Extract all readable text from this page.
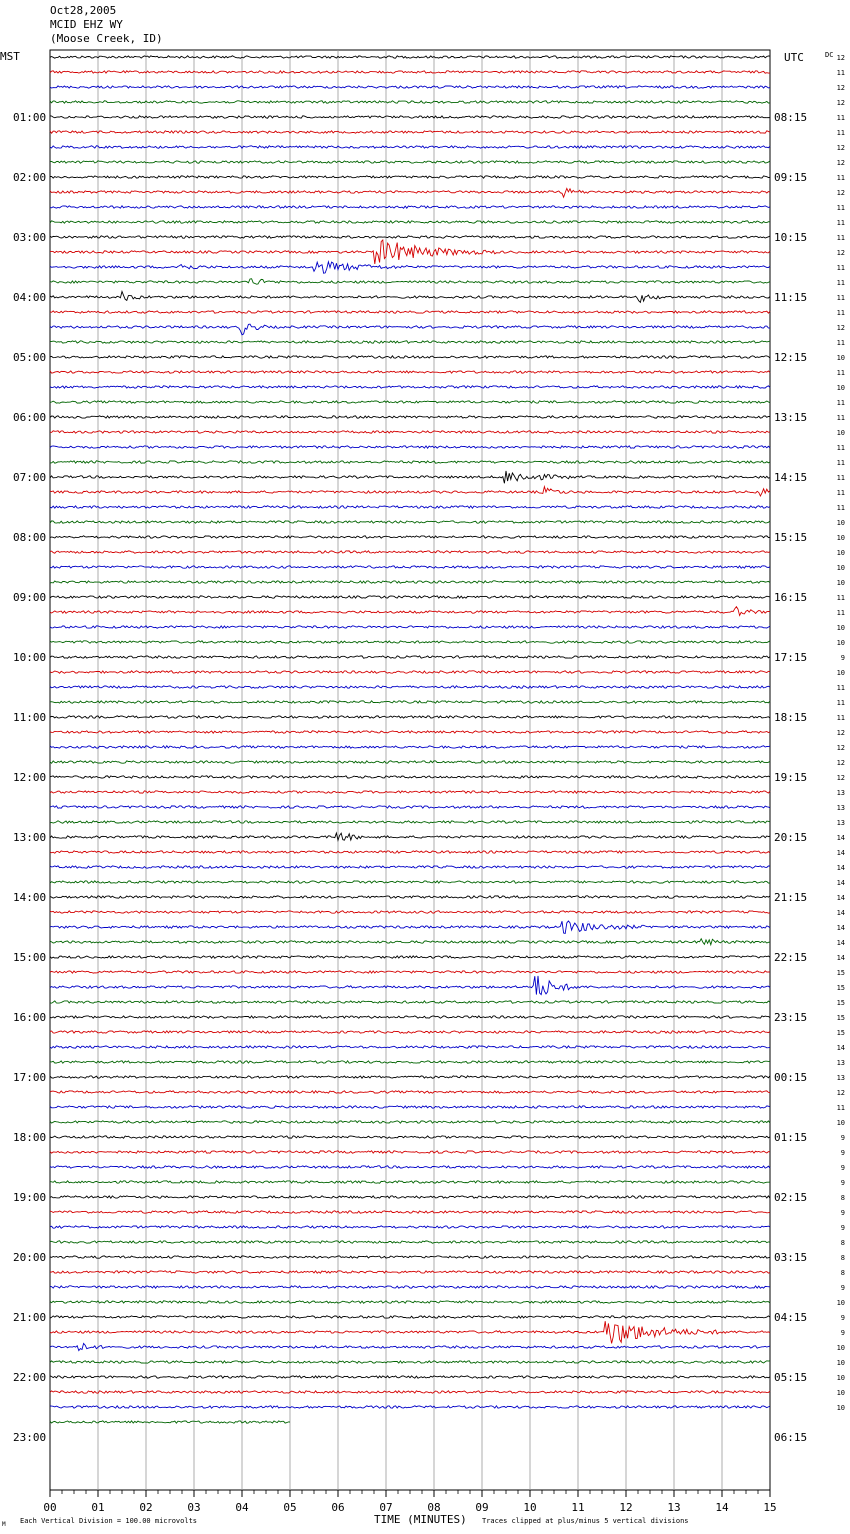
Oct28,2005
MCID EHZ WY
(Moose Creek, ID)
01:00
02:00
03:00
04:00
05:00
06:00
07:00
08:00
09:00
10:00
11:00
12:00
13:00
14:00
15:00
16:00
17:00
18:00
19:00
20:00
21:00
22:00
23:00
08:15
09:15
10:15
11:15
12:15
13:15
14:15
15:15
16:15
17:15
18:15
19:15
20:15
21:15
22:15
23:15
00:15
01:15
02:15
03:15
04:15
05:15
06:15
12
11
12
12
11
11
12
12
11
12
11
11
11
12
11
11
11
11
12
11
10
11
10
11
11
10
11
11
11
11
11
10
10
10
10
10
11
11
10
10
9
10
11
11
11
12
12
12
12
13
13
13
14
14
14
14
14
14
14
14
14
15
15
15
15
15
14
13
13
12
11
10
9
9
9
9
8
9
9
8
8
8
9
10
9
9
10
10
10
10
10
00	01	02	03	04	05	06	07	08	09	10	11	12	13	14	15
MST	UTC	DC
TIME (MINUTES)
Each Vertical Division = 100.00 microvolts	Traces clipped at plus/minus 5 vertical divisions
M
